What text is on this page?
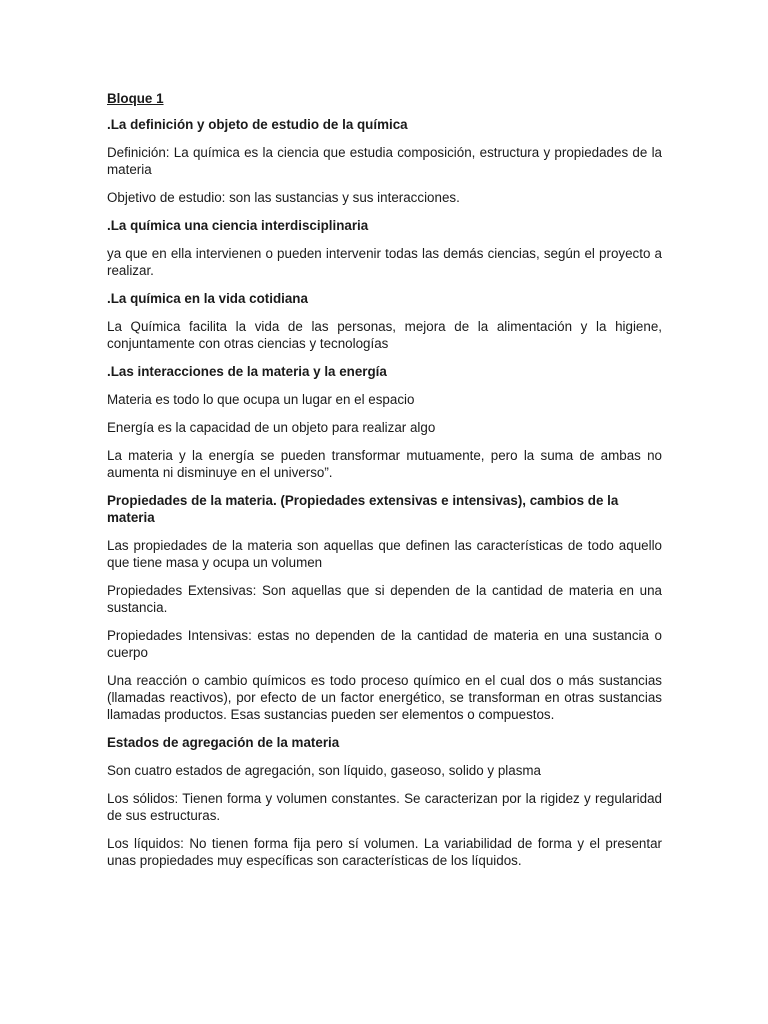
Bloque 1
.La definición y objeto de estudio de la química
Definición: La química es la ciencia que estudia composición, estructura y propiedades de la materia
Objetivo de estudio: son las sustancias y sus interacciones.
.La química una ciencia interdisciplinaria
ya que en ella intervienen o pueden intervenir todas las demás ciencias, según el proyecto a realizar.
.La química en la vida cotidiana
La Química facilita la vida de las personas, mejora de la alimentación y la higiene, conjuntamente con otras ciencias y tecnologías
.Las interacciones de la materia y la energía
Materia es todo lo que ocupa un lugar en el espacio
Energía es la capacidad de un objeto para realizar algo
La materia y la energía se pueden transformar mutuamente, pero la suma de ambas no aumenta ni disminuye en el universo”.
Propiedades de la materia. (Propiedades extensivas e intensivas), cambios de la materia
Las propiedades de la materia son aquellas que definen las características de todo aquello que tiene masa y ocupa un volumen
Propiedades Extensivas: Son aquellas que si dependen de la cantidad de materia en una sustancia.
Propiedades Intensivas: estas no dependen de la cantidad de materia en una sustancia o cuerpo
Una reacción o cambio químicos es todo proceso químico en el cual dos o más sustancias (llamadas reactivos), por efecto de un factor energético, se transforman en otras sustancias llamadas productos. Esas sustancias pueden ser elementos o compuestos.
Estados de agregación de la materia
Son cuatro estados de agregación, son líquido, gaseoso, solido y plasma
Los sólidos: Tienen forma y volumen constantes. Se caracterizan por la rigidez y regularidad de sus estructuras.
Los líquidos: No tienen forma fija pero sí volumen. La variabilidad de forma y el presentar unas propiedades muy específicas son características de los líquidos.
